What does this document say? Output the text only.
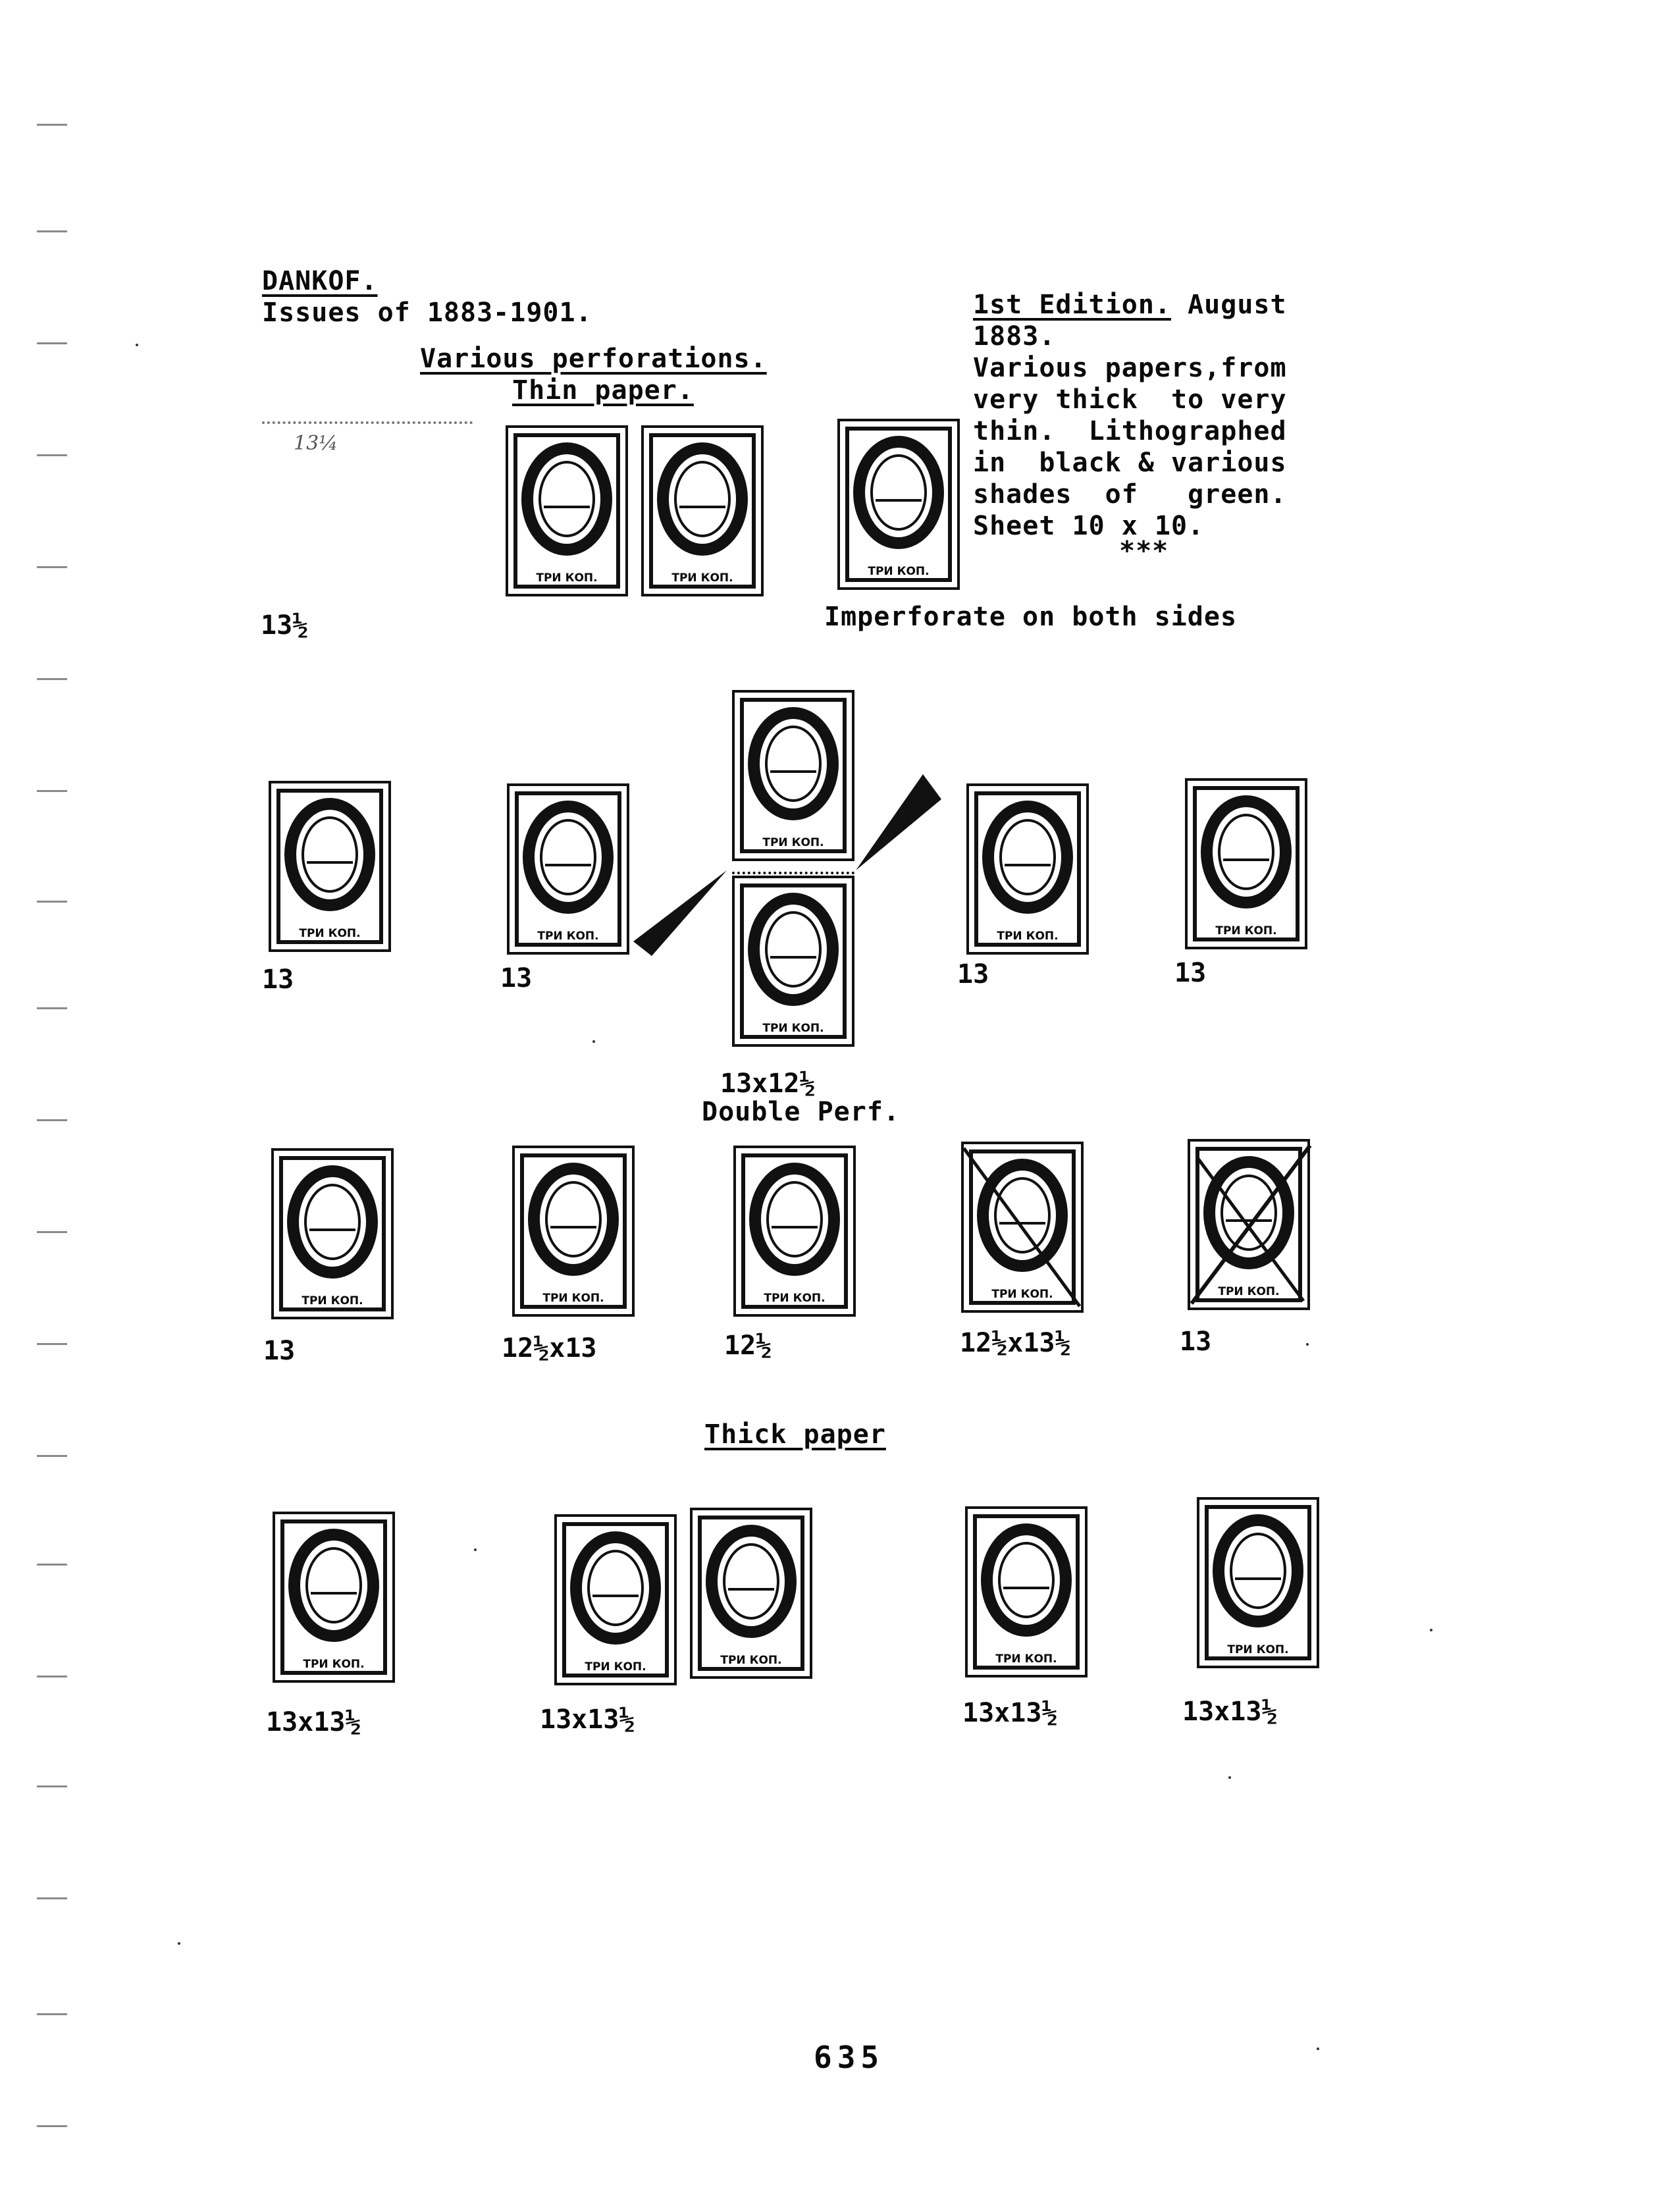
DANKOF.
Issues of 1883-1901.
Various perforations.
Thin paper.
1st Edition. August
1883.
Various papers,from
very thick  to very
thin.  Lithographed
in  black & various
shades  of   green.
Sheet 10 x 10.
***
Imperforate on both sides
13¼
13½
ТРИ КОП.	ТРИ КОП.	ТРИ КОП.
ТРИ КОП.	ТРИ КОП.
ТРИ КОП.
ТРИ КОП.
ТРИ КОП.	ТРИ КОП.
13	13	13	13
13x12½
Double Perf.
ТРИ КОП.	ТРИ КОП.	ТРИ КОП.	ТРИ КОП.	ТРИ КОП.
13	12½x13	12½	12½x13½	13
Thick paper
ТРИ КОП.	ТРИ КОП.	ТРИ КОП.	ТРИ КОП.
ТРИ КОП.
13x13½	13x13½	13x13½	13x13½
635
